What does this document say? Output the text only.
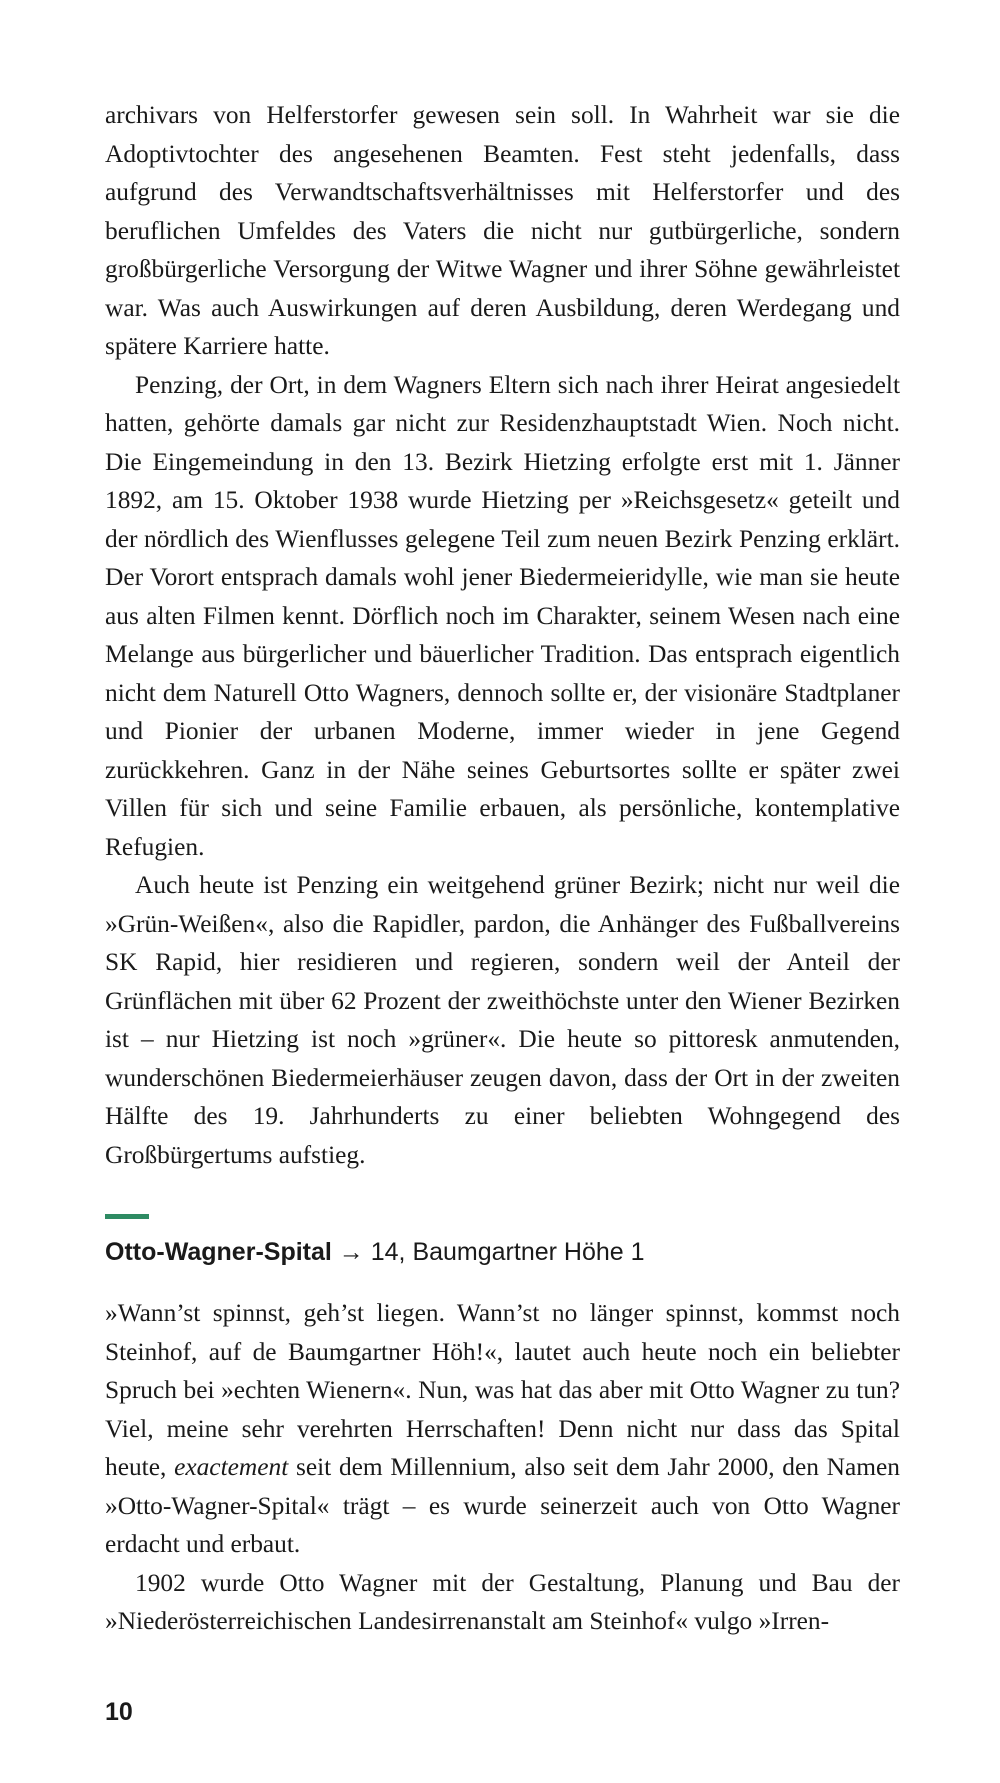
archivars von Helferstorfer gewesen sein soll. In Wahrheit war sie die Adoptivtochter des angesehenen Beamten. Fest steht jedenfalls, dass aufgrund des Verwandtschaftsverhältnisses mit Helferstorfer und des beruflichen Umfeldes des Vaters die nicht nur gutbürgerliche, sondern großbürgerliche Versorgung der Witwe Wagner und ihrer Söhne gewährleistet war. Was auch Auswirkungen auf deren Ausbildung, deren Werdegang und spätere Karriere hatte.

Penzing, der Ort, in dem Wagners Eltern sich nach ihrer Heirat angesiedelt hatten, gehörte damals gar nicht zur Residenzhauptstadt Wien. Noch nicht. Die Eingemeindung in den 13. Bezirk Hietzing erfolgte erst mit 1. Jänner 1892, am 15. Oktober 1938 wurde Hietzing per »Reichsgesetz« geteilt und der nördlich des Wienflusses gelegene Teil zum neuen Bezirk Penzing erklärt. Der Vorort entsprach damals wohl jener Biedermeieridylle, wie man sie heute aus alten Filmen kennt. Dörflich noch im Charakter, seinem Wesen nach eine Melange aus bürgerlicher und bäuerlicher Tradition. Das entsprach eigentlich nicht dem Naturell Otto Wagners, dennoch sollte er, der visionäre Stadtplaner und Pionier der urbanen Moderne, immer wieder in jene Gegend zurückkehren. Ganz in der Nähe seines Geburtsortes sollte er später zwei Villen für sich und seine Familie erbauen, als persönliche, kontemplative Refugien.

Auch heute ist Penzing ein weitgehend grüner Bezirk; nicht nur weil die »Grün-Weißen«, also die Rapidler, pardon, die Anhänger des Fußballvereins SK Rapid, hier residieren und regieren, sondern weil der Anteil der Grünflächen mit über 62 Prozent der zweithöchste unter den Wiener Bezirken ist – nur Hietzing ist noch »grüner«. Die heute so pittoresk anmutenden, wunderschönen Biedermeierhäuser zeugen davon, dass der Ort in der zweiten Hälfte des 19. Jahrhunderts zu einer beliebten Wohngegend des Großbürgertums aufstieg.

Otto-Wagner-Spital → 14, Baumgartner Höhe 1

»Wann’st spinnst, geh’st liegen. Wann’st no länger spinnst, kommst noch Steinhof, auf de Baumgartner Höh!«, lautet auch heute noch ein beliebter Spruch bei »echten Wienern«. Nun, was hat das aber mit Otto Wagner zu tun? Viel, meine sehr verehrten Herrschaften! Denn nicht nur dass das Spital heute, exactement seit dem Millennium, also seit dem Jahr 2000, den Namen »Otto-Wagner-Spital« trägt – es wurde seinerzeit auch von Otto Wagner erdacht und erbaut.

1902 wurde Otto Wagner mit der Gestaltung, Planung und Bau der »Niederösterreichischen Landesirrenanstalt am Steinhof« vulgo »Irren-

10
